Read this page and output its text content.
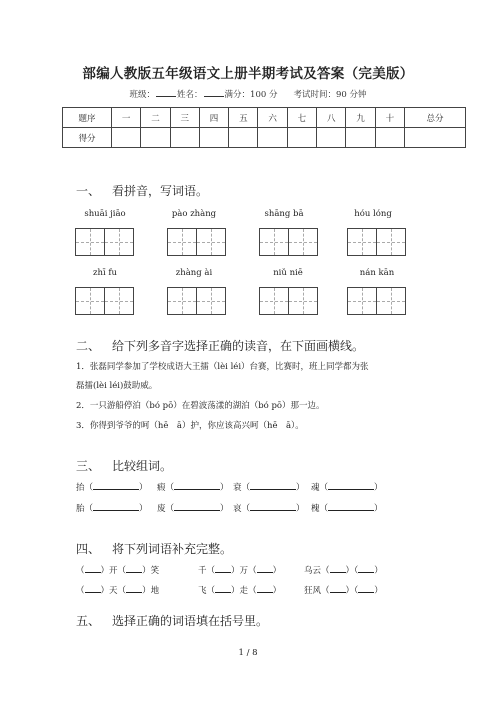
部编人教版五年级语文上册半期考试及答案（完美版）
班级：	姓名：	满分：100 分 考试时间：90 分钟
题序	一	二	三	四	五	六	七	八	九	十	总分
得分											
一、 看拼音，写词语。
shuāi jiāo	pào zhàng	shāng bā	hóu lóng
zhī fu	zhàng ài	niǔ niē	nán kān
二、 给下列多音字选择正确的读音，在下面画横线。
1．张磊同学参加了学校成语大王擂（lèi léi）台赛，比赛时，班上同学都为张
磊擂(lèi léi)鼓助威。
2．一只游船停泊（bó pō）在碧波荡漾的湖泊（bó pō）那一边。
3．你得到爷爷的呵（hē　ā）护，你应该高兴呵（hē　ā）。
三、 比较组词。
抬（	） 瘕（	） 衰（	） 魂（	）
胎（	） 废（	） 哀（	） 槐（	）
四、 将下列词语补充完整。
（ ）开（ ）笑	千（ ）万（ ）	乌云（ ）（ ）
（ ）天（ ）地	飞（ ）走（ ）	狂风（ ）（ ）
五、 选择正确的词语填在括号里。
1 / 8
